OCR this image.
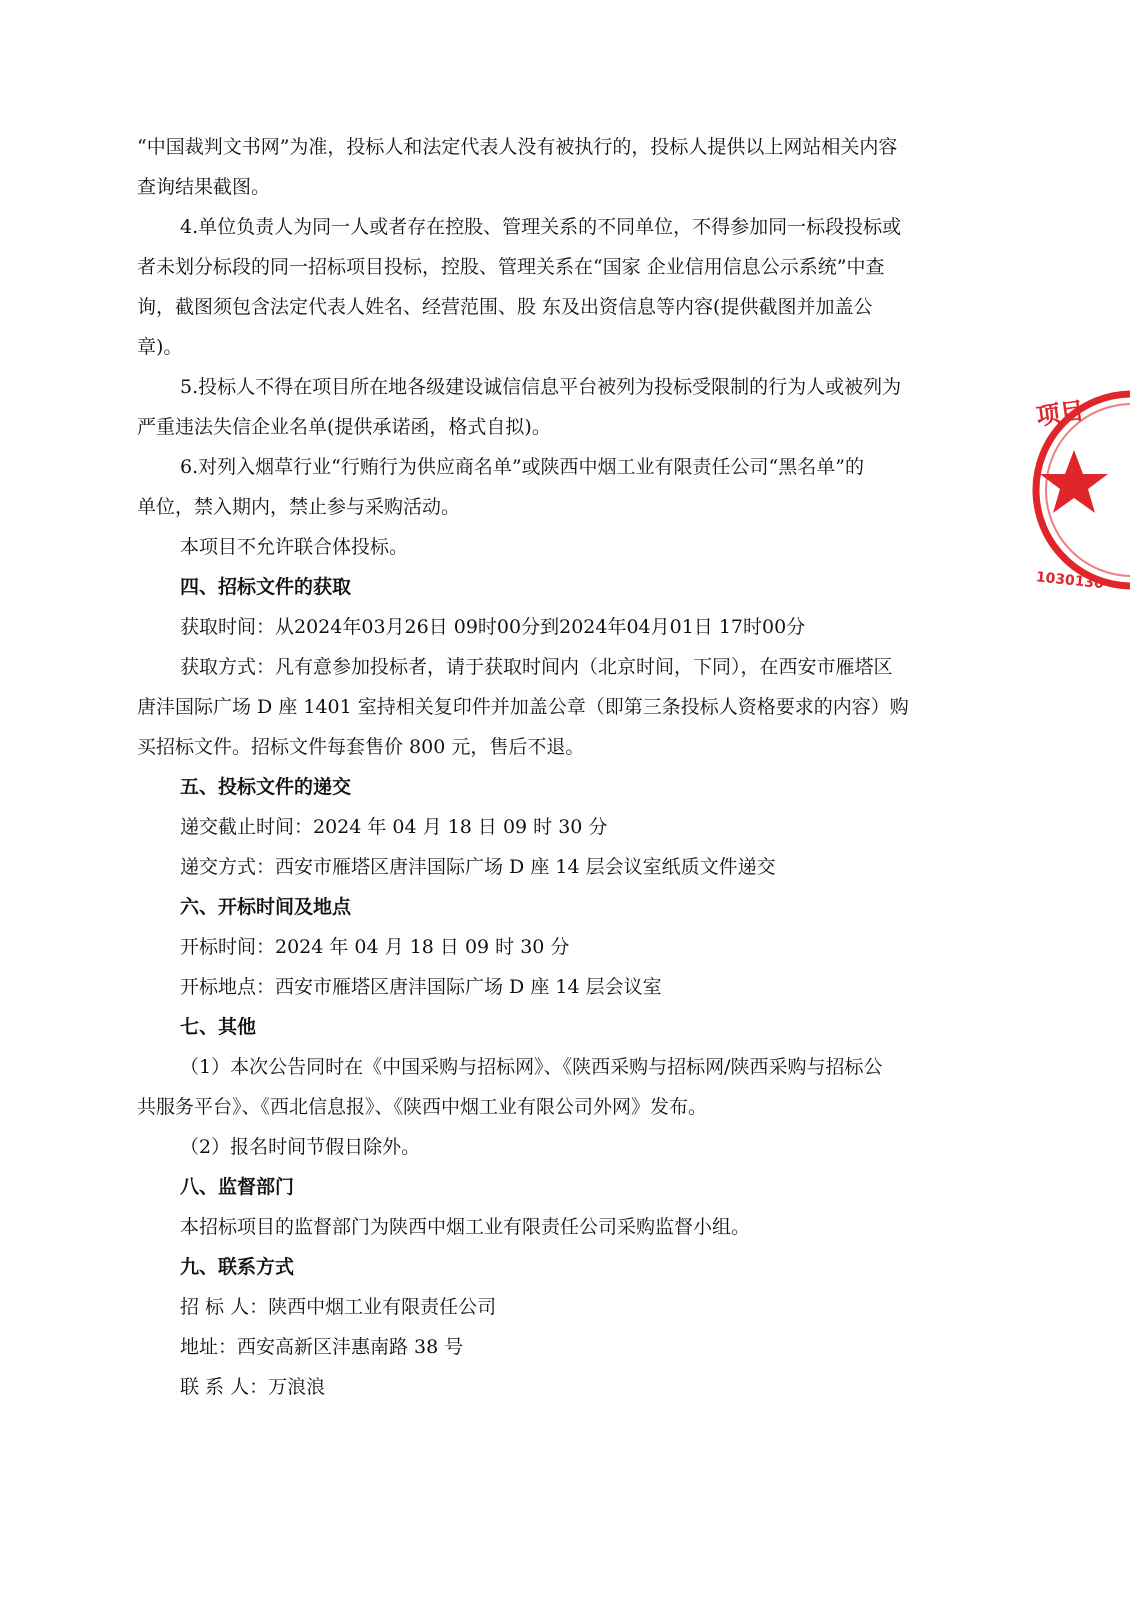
“中国裁判文书网”为准，投标人和法定代表人没有被执行的，投标人提供以上网站相关内容
查询结果截图。
4.单位负责人为同一人或者存在控股、管理关系的不同单位，不得参加同一标段投标或
者未划分标段的同一招标项目投标，控股、管理关系在“国家 企业信用信息公示系统”中查
询，截图须包含法定代表人姓名、经营范围、股 东及出资信息等内容(提供截图并加盖公
章)。
5.投标人不得在项目所在地各级建设诚信信息平台被列为投标受限制的行为人或被列为
严重违法失信企业名单(提供承诺函，格式自拟)。
6.对列入烟草行业“行贿行为供应商名单”或陕西中烟工业有限责任公司“黑名单”的
单位，禁入期内，禁止参与采购活动。
本项目不允许联合体投标。
四、招标文件的获取
获取时间：从2024年03月26日 09时00分到2024年04月01日 17时00分
获取方式：凡有意参加投标者，请于获取时间内（北京时间，下同），在西安市雁塔区
唐沣国际广场 D 座 1401 室持相关复印件并加盖公章（即第三条投标人资格要求的内容）购
买招标文件。招标文件每套售价 800 元，售后不退。
五、投标文件的递交
递交截止时间：2024 年 04 月 18 日 09 时 30 分
递交方式：西安市雁塔区唐沣国际广场 D 座 14 层会议室纸质文件递交
六、开标时间及地点
开标时间：2024 年 04 月 18 日 09 时 30 分
开标地点：西安市雁塔区唐沣国际广场 D 座 14 层会议室
七、其他
（1）本次公告同时在《中国采购与招标网》、《陕西采购与招标网/陕西采购与招标公
共服务平台》、《西北信息报》、《陕西中烟工业有限公司外网》发布。
（2）报名时间节假日除外。
八、监督部门
本招标项目的监督部门为陕西中烟工业有限责任公司采购监督小组。
九、联系方式
招 标 人：陕西中烟工业有限责任公司
地址：西安高新区沣惠南路 38 号
联 系 人：万浪浪
项目
1030130
